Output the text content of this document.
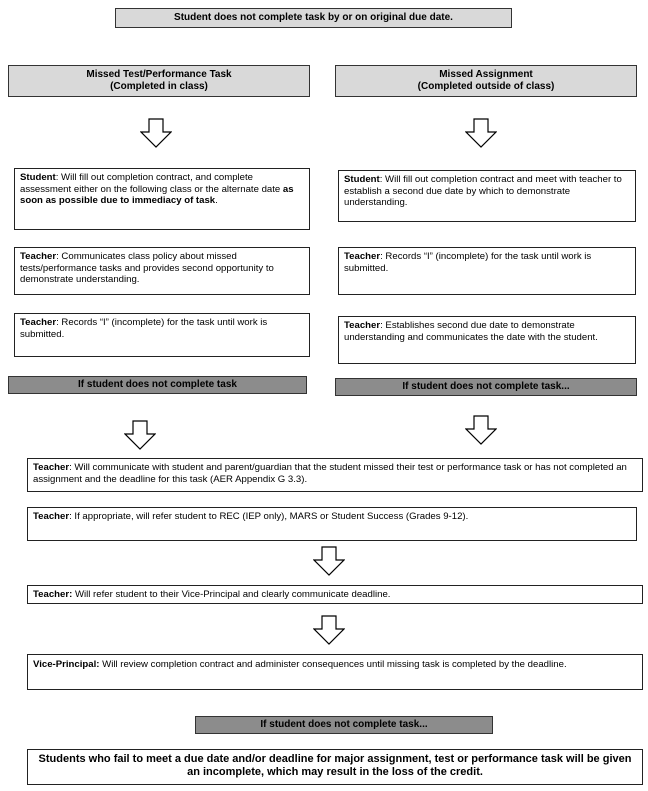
Student does not complete task by or on original due date.
Missed Test/Performance Task
(Completed in class)
Missed Assignment
(Completed outside of class)
Student: Will fill out completion contract, and complete assessment either on the following class or the alternate date as soon as possible due to immediacy of task.
Student: Will fill out completion contract and meet with teacher to establish a second due date by which to demonstrate understanding.
Teacher: Communicates class policy about missed tests/performance tasks and provides second opportunity to demonstrate understanding.
Teacher: Records “I” (incomplete) for the task until work is submitted.
Teacher: Records “I” (incomplete) for the task until work is submitted.
Teacher: Establishes second due date to demonstrate understanding and communicates the date with the student.
If student does not complete task	If student does not complete task...
Teacher: Will communicate with student and parent/guardian that the student missed their test or performance task or has not completed an assignment and the deadline for this task (AER Appendix G 3.3).
Teacher: If appropriate, will refer student to REC (IEP only), MARS or Student Success (Grades 9-12).
Teacher: Will refer student to their Vice-Principal and clearly communicate deadline.
Vice-Principal: Will review completion contract and administer consequences until missing task is completed by the deadline.
If student does not complete task...
Students who fail to meet a due date and/or deadline for major assignment, test or performance task will be given an incomplete, which may result in the loss of the credit.
